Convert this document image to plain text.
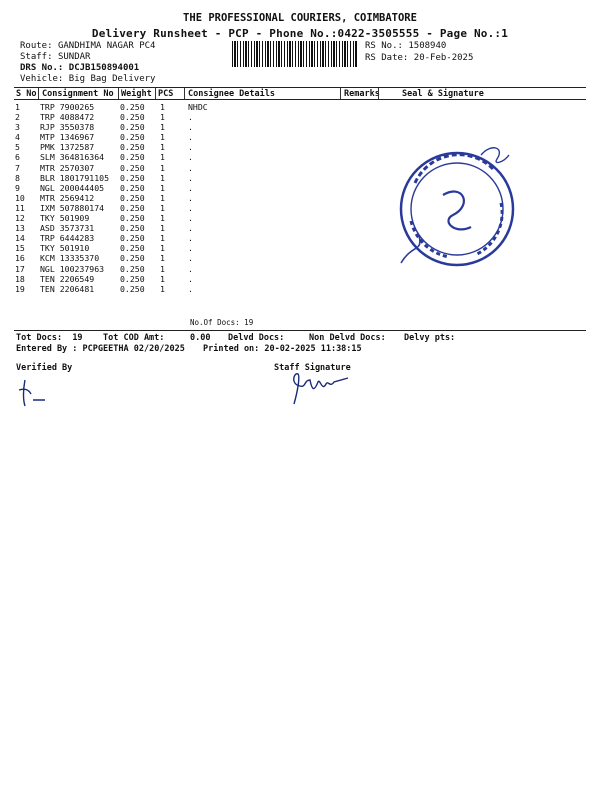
THE PROFESSIONAL COURIERS, COIMBATORE
Delivery Runsheet - PCP - Phone No.:0422-3505555 - Page No.:1
Route: GANDHIMA NAGAR PC4
Staff: SUNDAR
DRS No.: DCJB150894001
Vehicle: Big Bag Delivery
RS No.: 1508940
RS Date: 20-Feb-2025
S No Consignment No Weight PCS Consignee Details	Remarks	Seal & Signature
1	TRP 7900265	0.250	1	NHDC
2	TRP 4088472	0.250	1	.
3	RJP 3550378	0.250	1	.
4	MTP 1346967	0.250	1	.
5	PMK 1372587	0.250	1	.
6	SLM 364816364	0.250	1	.
7	MTR 2570307	0.250	1	.
8	BLR 1801791105	0.250	1	.
9	NGL 200044405	0.250	1	.
10	MTR 2569412	0.250	1	.
11	IXM 507880174	0.250	1	.
12	TKY 501909	0.250	1	.
13	ASD 3573731	0.250	1	.
14	TRP 6444283	0.250	1	.
15	TKY 501910	0.250	1	.
16	KCM 13335370	0.250	1	.
17	NGL 100237963	0.250	1	.
18	TEN 2206549	0.250	1	.
19	TEN 2206481	0.250	1	.
No.Of Docs: 19
Tot Docs: 19 Tot COD Amt:	0.00 Delvd Docs:	Non Delvd Docs: Delvy pts:
Entered By : PCPGEETHA 02/20/2025 Printed on: 20-02-2025 11:38:15
Verified By	Staff Signature
